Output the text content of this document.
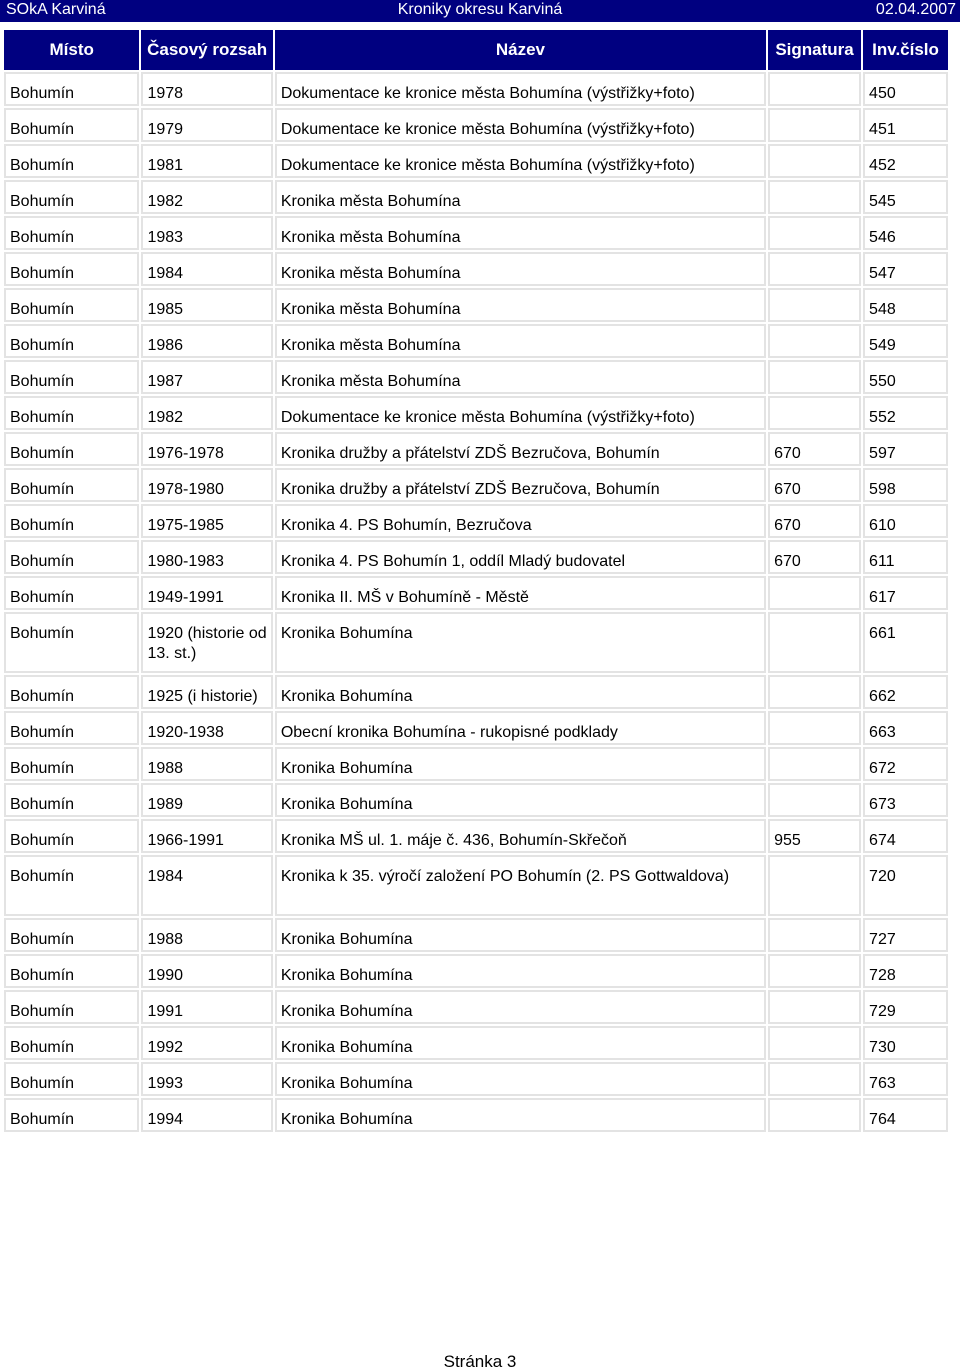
SOkA Karviná	Kroniky okresu Karviná	02.04.2007
Místo	Časový rozsah	Název	Signatura	Inv.číslo
Bohumín	1978	Dokumentace ke kronice města Bohumína (výstřižky+foto)		450
Bohumín	1979	Dokumentace ke kronice města Bohumína (výstřižky+foto)		451
Bohumín	1981	Dokumentace ke kronice města Bohumína (výstřižky+foto)		452
Bohumín	1982	Kronika města Bohumína		545
Bohumín	1983	Kronika města Bohumína		546
Bohumín	1984	Kronika města Bohumína		547
Bohumín	1985	Kronika města Bohumína		548
Bohumín	1986	Kronika města Bohumína		549
Bohumín	1987	Kronika města Bohumína		550
Bohumín	1982	Dokumentace ke kronice města Bohumína (výstřižky+foto)		552
Bohumín	1976-1978	Kronika družby a přátelství ZDŠ Bezručova, Bohumín	670	597
Bohumín	1978-1980	Kronika družby a přátelství ZDŠ Bezručova, Bohumín	670	598
Bohumín	1975-1985	Kronika 4. PS Bohumín, Bezručova	670	610
Bohumín	1980-1983	Kronika 4. PS Bohumín 1, oddíl Mladý budovatel	670	611
Bohumín	1949-1991	Kronika II. MŠ v Bohumíně - Městě		617
Bohumín	1920 (historie od 13. st.)	Kronika Bohumína		661
Bohumín	1925 (i historie)	Kronika Bohumína		662
Bohumín	1920-1938	Obecní kronika Bohumína - rukopisné podklady		663
Bohumín	1988	Kronika Bohumína		672
Bohumín	1989	Kronika Bohumína		673
Bohumín	1966-1991	Kronika MŠ ul. 1. máje č. 436, Bohumín-Skřečoň	955	674
Bohumín	1984	Kronika k 35. výročí založení PO Bohumín (2. PS Gottwaldova)		720
Bohumín	1988	Kronika Bohumína		727
Bohumín	1990	Kronika Bohumína		728
Bohumín	1991	Kronika Bohumína		729
Bohumín	1992	Kronika Bohumína		730
Bohumín	1993	Kronika Bohumína		763
Bohumín	1994	Kronika Bohumína		764
Stránka 3
